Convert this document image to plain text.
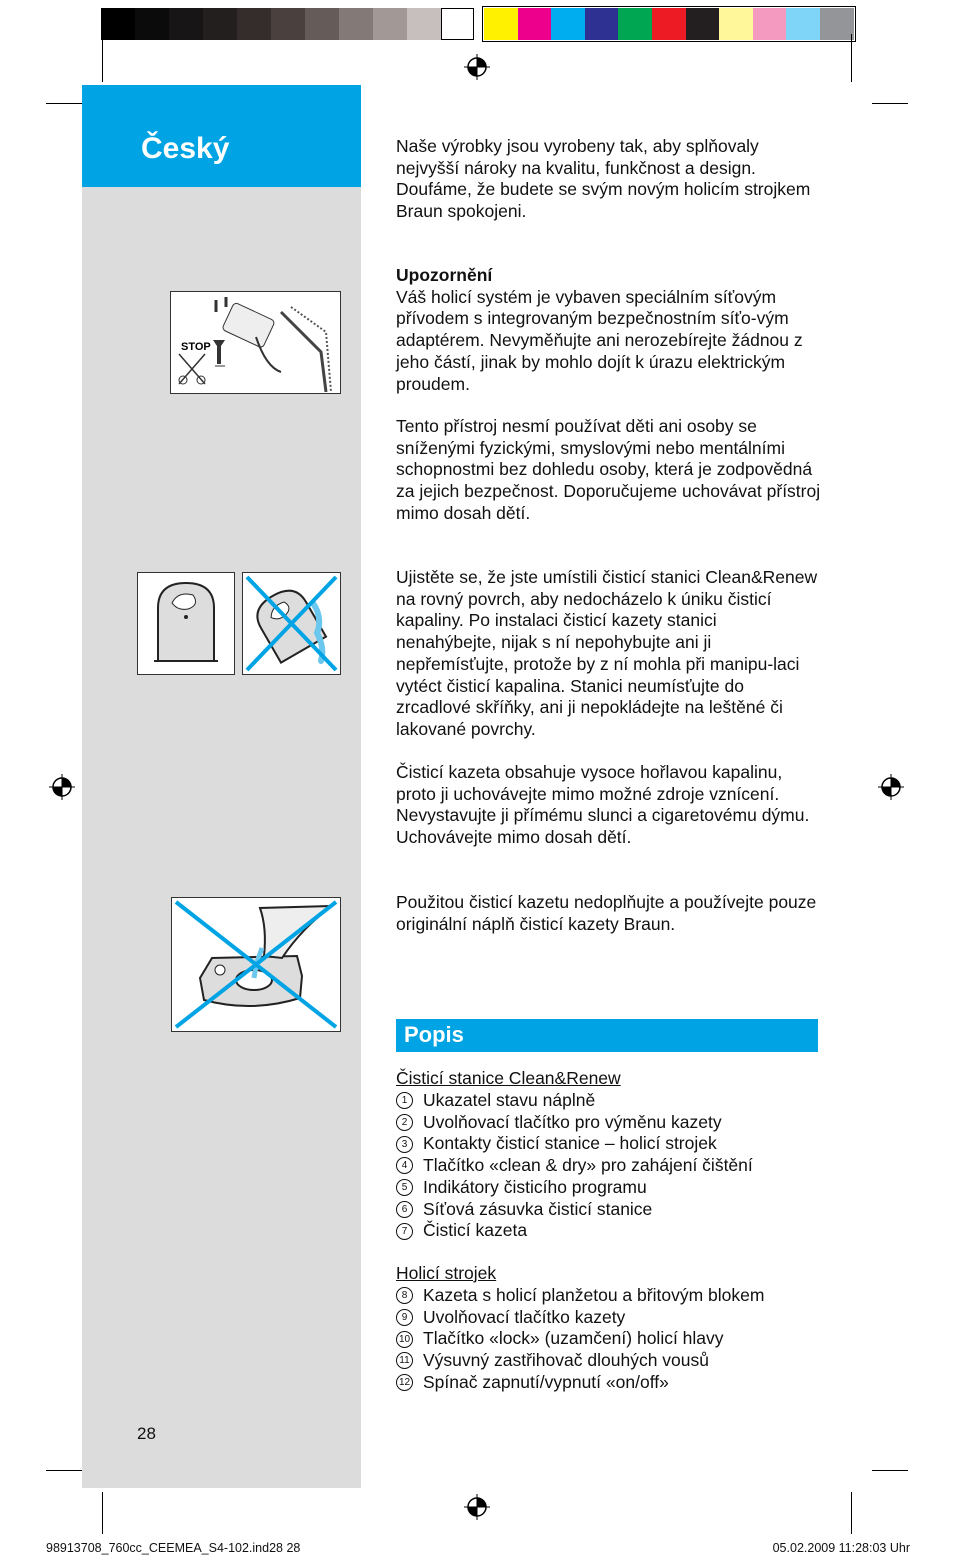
Český
28
STOP

Naše výrobky jsou vyrobeny tak, aby splňovaly nejvyšší nároky na kvalitu, funkčnost a design. Doufáme, že budete se svým novým holicím strojkem Braun spokojeni.

Upozornění
Váš holicí systém je vybaven speciálním síťovým přívodem s integrovaným bezpečnostním síťo-vým adaptérem. Nevyměňujte ani nerozebírejte žádnou z jeho částí, jinak by mohlo dojít k úrazu elektrickým proudem.

Tento přístroj nesmí používat děti ani osoby se sníženými fyzickými, smyslovými nebo mentálními schopnostmi bez dohledu osoby, která je zodpovědná za jejich bezpečnost. Doporučujeme uchovávat přístroj mimo dosah dětí.

Ujistěte se, že jste umístili čisticí stanici Clean&Renew na rovný povrch, aby nedocházelo k úniku čisticí kapaliny. Po instalaci čisticí kazety stanici nenahýbejte, nijak s ní nepohybujte ani ji nepřemísťujte, protože by z ní mohla při manipu-laci vytéct čisticí kapalina. Stanici neumísťujte do zrcadlové skříňky, ani ji nepokládejte na leštěné či lakované povrchy.

Čisticí kazeta obsahuje vysoce hořlavou kapalinu, proto ji uchovávejte mimo možné zdroje vznícení. Nevystavujte ji přímému slunci a cigaretovému dýmu. Uchovávejte mimo dosah dětí.

Použitou čisticí kazetu nedoplňujte a používejte pouze originální náplň čisticí kazety Braun.

Popis
Čisticí stanice Clean&Renew
1 Ukazatel stavu náplně
2 Uvolňovací tlačítko pro výměnu kazety
3 Kontakty čisticí stanice – holicí strojek
4 Tlačítko «clean & dry» pro zahájení čištění
5 Indikátory čisticího programu
6 Síťová zásuvka čisticí stanice
7 Čisticí kazeta
Holicí strojek
8 Kazeta s holicí planžetou a břitovým blokem
9 Uvolňovací tlačítko kazety
10 Tlačítko «lock» (uzamčení) holicí hlavy
11 Výsuvný zastřihovač dlouhých vousů
12 Spínač zapnutí/vypnutí «on/off»
98913708_760cc_CEEMEA_S4-102.ind28 28	05.02.2009 11:28:03 Uhr
